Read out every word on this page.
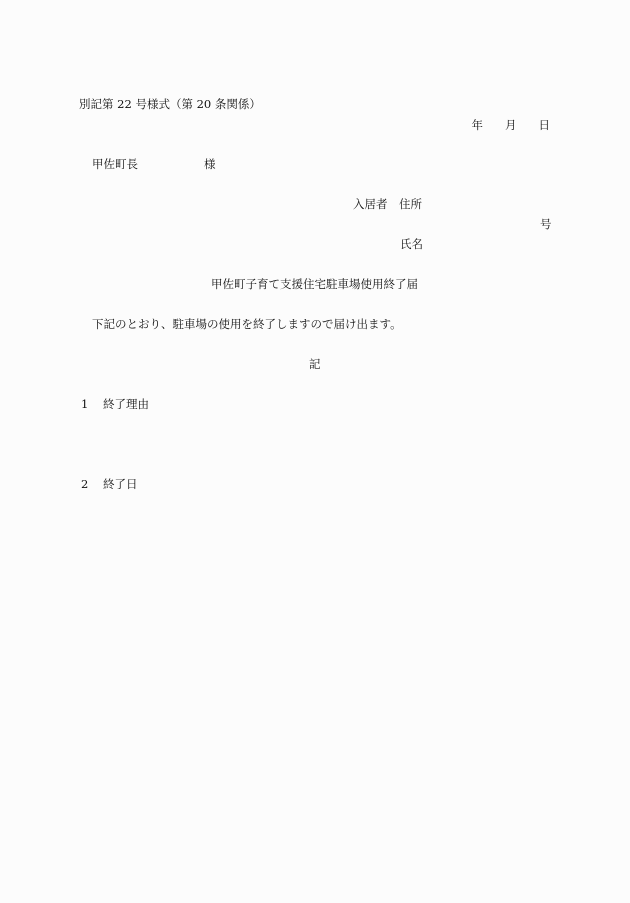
別記第 22 号様式（第 20 条関係）
年 月 日
甲佐町長	様
入居者 住所
号
氏名
甲佐町子育て支援住宅駐車場使用終了届
下記のとおり、駐車場の使用を終了しますので届け出ます。
記
1 終了理由
2 終了日
